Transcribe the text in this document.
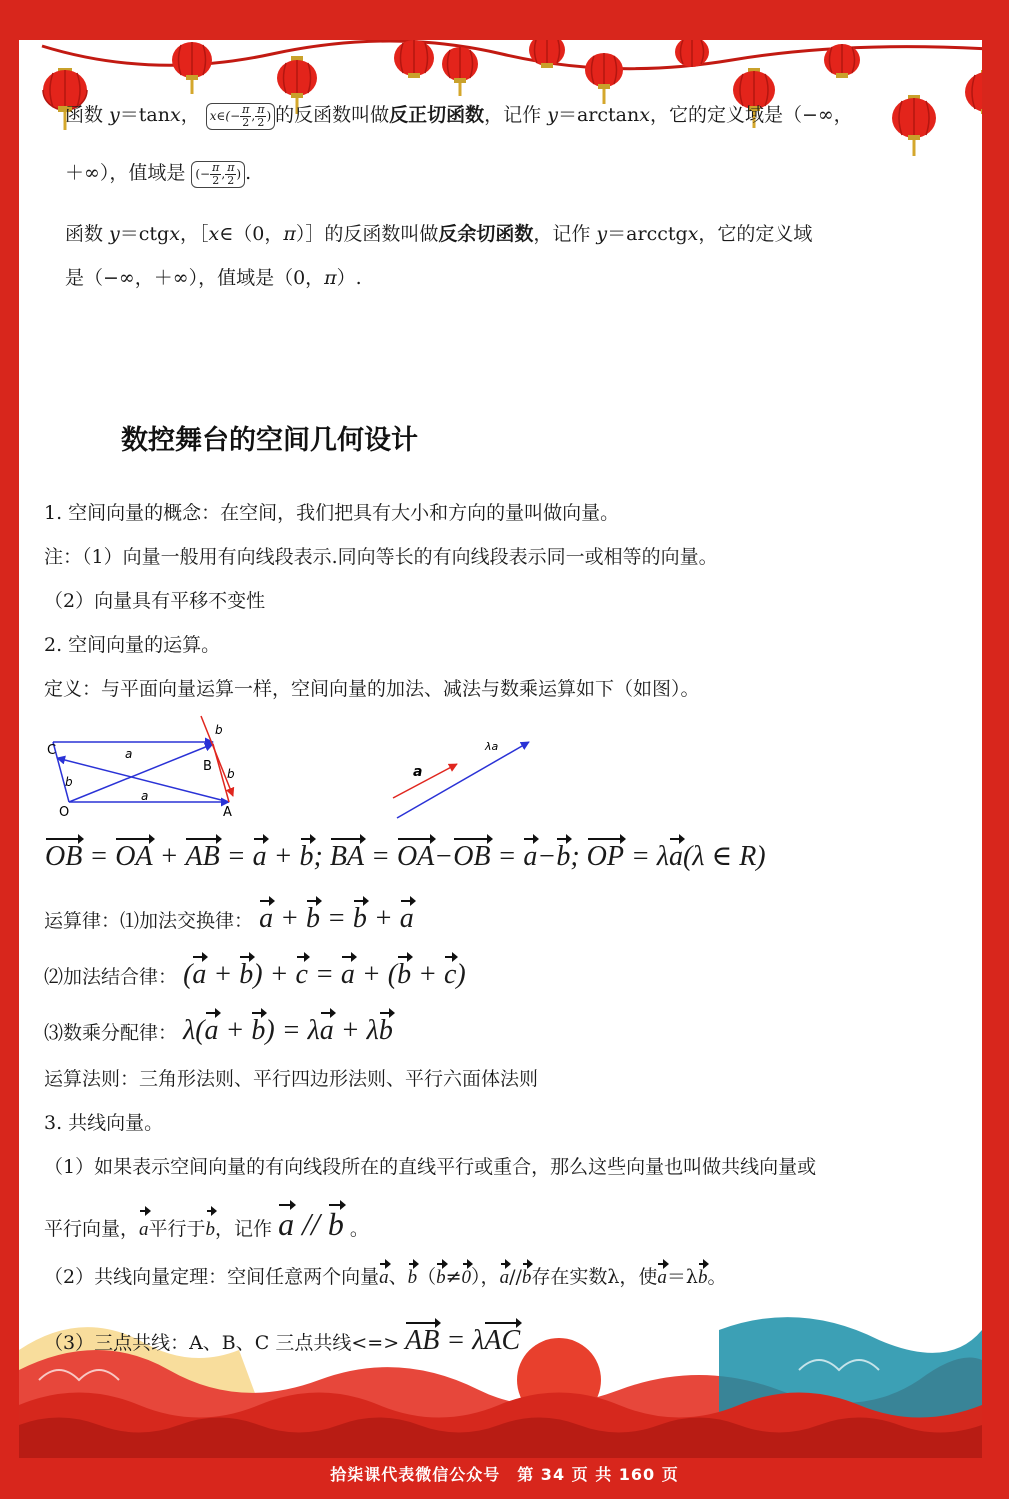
函数 y＝tanx， x∈(− $\frac{\pi}{2}$ , $\frac{\pi}{2}$ ) 的反函数叫做反正切函数，记作 y＝arctanx，它的定义域是（−∞，
＋∞），值域是 (− $\frac{\pi}{2}$ , $\frac{\pi}{2}$ ) .
函数 y＝ctgx，［x∈（0，π）］的反函数叫做反余切函数，记作 y＝arcctgx，它的定义域
是（−∞，＋∞），值域是（0，π）.
数控舞台的空间几何设计
1. 空间向量的概念：在空间，我们把具有大小和方向的量叫做向量。
注：（1）向量一般用有向线段表示.同向等长的有向线段表示同一或相等的向量。
（2）向量具有平移不变性
2. 空间向量的运算。
定义：与平面向量运算一样，空间向量的加法、减法与数乘运算如下（如图）。
C
O	A
B
a
a
b
b
b
a
λa
OB = OA + AB = a + b; BA = OA−OB = a−b; OP = λa(λ ∈ R)
运算律：⑴加法交换律： a + b = b + a
⑵加法结合律： (a + b) + c = a + (b + c)
⑶数乘分配律： λ(a + b) = λa + λb
运算法则：三角形法则、平行四边形法则、平行六面体法则
3. 共线向量。
（1）如果表示空间向量的有向线段所在的直线平行或重合，那么这些向量也叫做共线向量或
平行向量，a平行于b，记作 a // b 。
（2）共线向量定理：空间任意两个向量a、b（b≠0），a//b存在实数λ，使a＝λb。
（3）三点共线：A、B、C 三点共线<=> AB = λAC
拾柒课代表微信公众号　第 34 页 共 160 页
